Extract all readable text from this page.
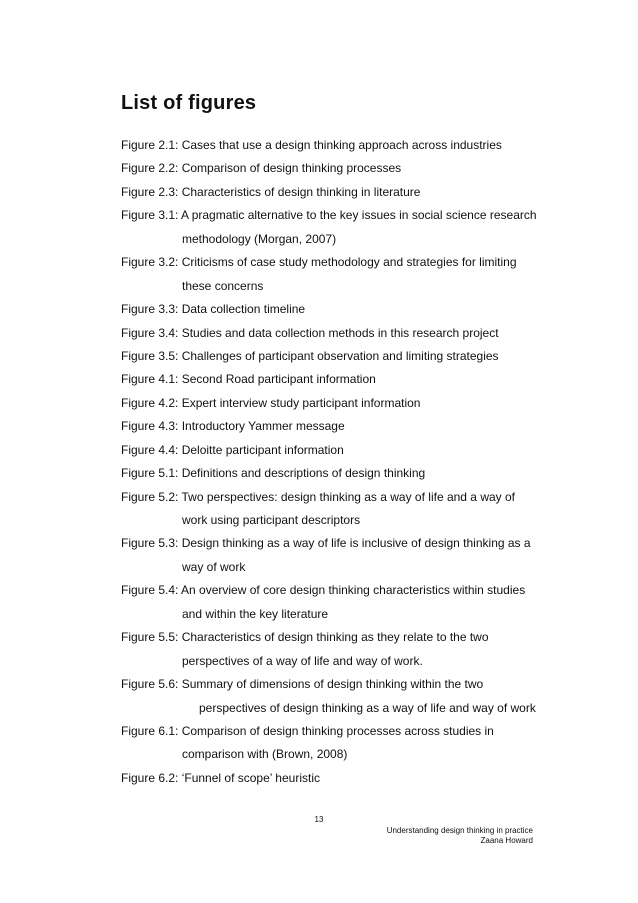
List of figures
Figure 2.1: Cases that use a design thinking approach across industries
Figure 2.2: Comparison of design thinking processes
Figure 2.3: Characteristics of design thinking in literature
Figure 3.1: A pragmatic alternative to the key issues in social science research
methodology (Morgan, 2007)
Figure 3.2: Criticisms of case study methodology and strategies for limiting
these concerns
Figure 3.3: Data collection timeline
Figure 3.4: Studies and data collection methods in this research project
Figure 3.5: Challenges of participant observation and limiting strategies
Figure 4.1: Second Road participant information
Figure 4.2: Expert interview study participant information
Figure 4.3: Introductory Yammer message
Figure 4.4: Deloitte participant information
Figure 5.1: Definitions and descriptions of design thinking
Figure 5.2: Two perspectives: design thinking as a way of life and a way of
work using participant descriptors
Figure 5.3: Design thinking as a way of life is inclusive of design thinking as a
way of work
Figure 5.4: An overview of core design thinking characteristics within studies
and within the key literature
Figure 5.5: Characteristics of design thinking as they relate to the two
perspectives of a way of life and way of work.
Figure 5.6: Summary of dimensions of design thinking within the two
perspectives of design thinking as a way of life and way of work
Figure 6.1: Comparison of design thinking processes across studies in
comparison with (Brown, 2008)
Figure 6.2: ‘Funnel of scope’ heuristic
13
Understanding design thinking in practice
Zaana Howard
